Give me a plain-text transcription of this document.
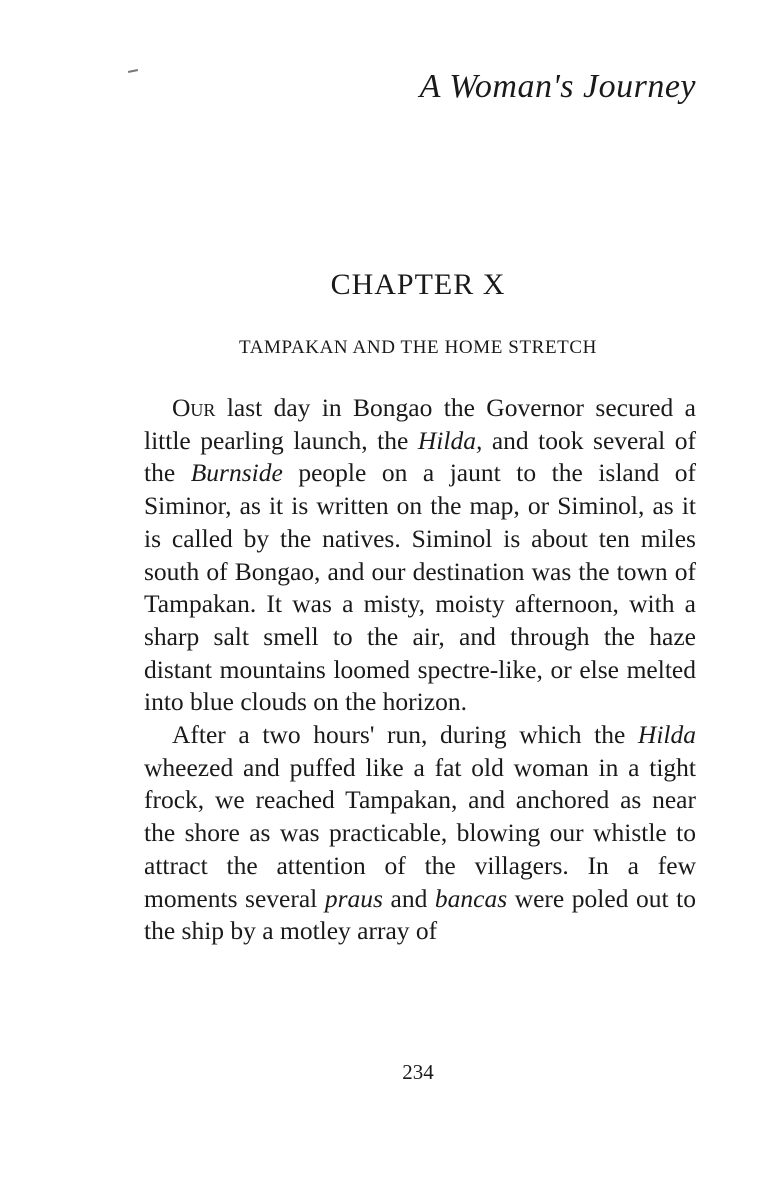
A Woman's Journey
CHAPTER X
TAMPAKAN AND THE HOME STRETCH

Our last day in Bongao the Governor secured a little pearling launch, the Hilda, and took several of the Burnside people on a jaunt to the island of Siminor, as it is written on the map, or Siminol, as it is called by the natives. Siminol is about ten miles south of Bongao, and our destination was the town of Tampakan. It was a misty, moisty afternoon, with a sharp salt smell to the air, and through the haze distant mountains loomed spectre-like, or else melted into blue clouds on the horizon.

After a two hours' run, during which the Hilda wheezed and puffed like a fat old woman in a tight frock, we reached Tampakan, and anchored as near the shore as was practicable, blowing our whistle to attract the attention of the villagers. In a few moments several praus and bancas were poled out to the ship by a motley array of

234
